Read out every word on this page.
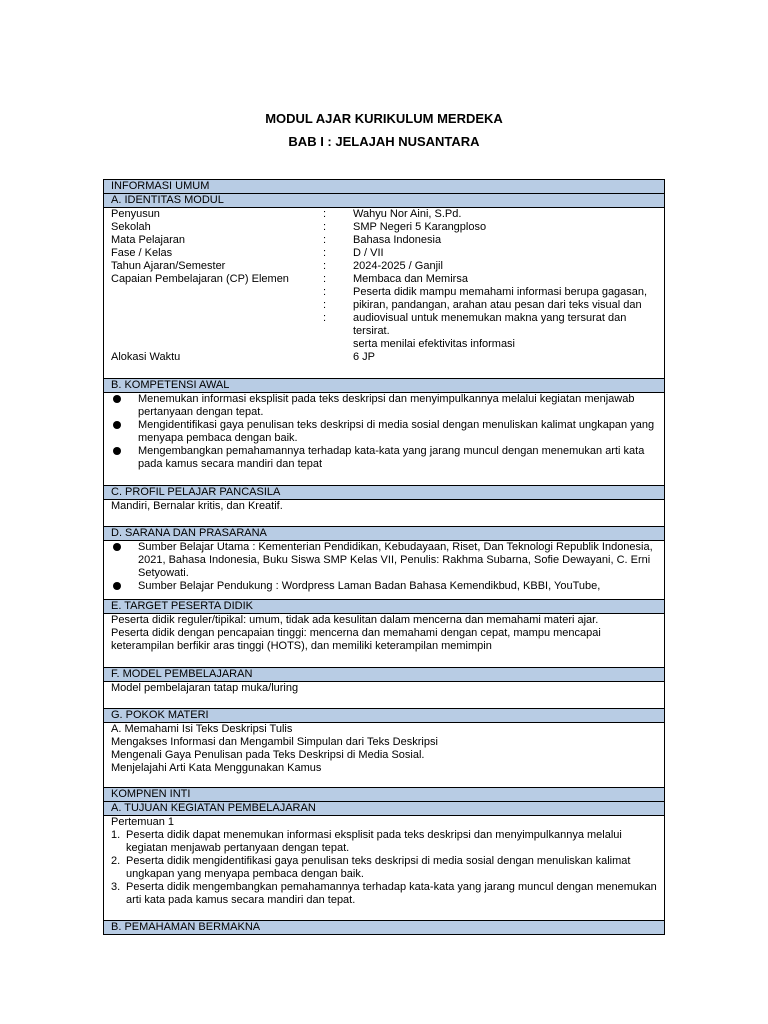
MODUL AJAR KURIKULUM MERDEKA
BAB I : JELAJAH NUSANTARA
INFORMASI UMUM
A. IDENTITAS MODUL
Penyusun	:	Wahyu Nor Aini, S.Pd.
Sekolah	:	SMP Negeri 5 Karangploso
Mata Pelajaran	:	Bahasa Indonesia
Fase / Kelas	:	D / VII
Tahun Ajaran/Semester	:	2024-2025 / Ganjil
Capaian Pembelajaran (CP) Elemen	:	Membaca dan Memirsa
:	Peserta didik mampu memahami informasi berupa gagasan,
:	pikiran, pandangan, arahan atau pesan dari teks visual dan
:	audiovisual untuk menemukan makna yang tersurat dan tersirat.
serta menilai efektivitas informasi
Alokasi Waktu	6 JP
B. KOMPETENSI AWAL
Menemukan informasi eksplisit pada teks deskripsi dan menyimpulkannya melalui kegiatan menjawab pertanyaan dengan tepat.
Mengidentifikasi gaya penulisan teks deskripsi di media sosial dengan menuliskan kalimat ungkapan yang menyapa pembaca dengan baik.
Mengembangkan pemahamannya terhadap kata-kata yang jarang muncul dengan menemukan arti kata pada kamus secara mandiri dan tepat
C. PROFIL PELAJAR PANCASILA

Mandiri, Bernalar kritis, dan Kreatif.

D. SARANA DAN PRASARANA
Sumber Belajar Utama : Kementerian Pendidikan, Kebudayaan, Riset, Dan Teknologi Republik Indonesia, 2021, Bahasa Indonesia, Buku Siswa SMP Kelas VII, Penulis: Rakhma Subarna, Sofie Dewayani, C. Erni Setyowati.
Sumber Belajar Pendukung : Wordpress Laman Badan Bahasa Kemendikbud, KBBI, YouTube,
E. TARGET PESERTA DIDIK

Peserta didik reguler/tipikal: umum, tidak ada kesulitan dalam mencerna dan memahami materi ajar.

Peserta didik dengan pencapaian tinggi: mencerna dan memahami dengan cepat, mampu mencapai keterampilan berfikir aras tinggi (HOTS), dan memiliki keterampilan memimpin

F. MODEL PEMBELAJARAN

Model pembelajaran tatap muka/luring

G. POKOK MATERI

A. Memahami Isi Teks Deskripsi Tulis

Mengakses Informasi dan Mengambil Simpulan dari Teks Deskripsi

Mengenali Gaya Penulisan pada Teks Deskripsi di Media Sosial.

Menjelajahi Arti Kata Menggunakan Kamus

KOMPNEN INTI
A. TUJUAN KEGIATAN PEMBELAJARAN

Pertemuan 1

1. Peserta didik dapat menemukan informasi eksplisit pada teks deskripsi dan menyimpulkannya melalui kegiatan menjawab pertanyaan dengan tepat.
2. Peserta didik mengidentifikasi gaya penulisan teks deskripsi di media sosial dengan menuliskan kalimat ungkapan yang menyapa pembaca dengan baik.
3. Peserta didik mengembangkan pemahamannya terhadap kata-kata yang jarang muncul dengan menemukan arti kata pada kamus secara mandiri dan tepat.
B. PEMAHAMAN BERMAKNA
